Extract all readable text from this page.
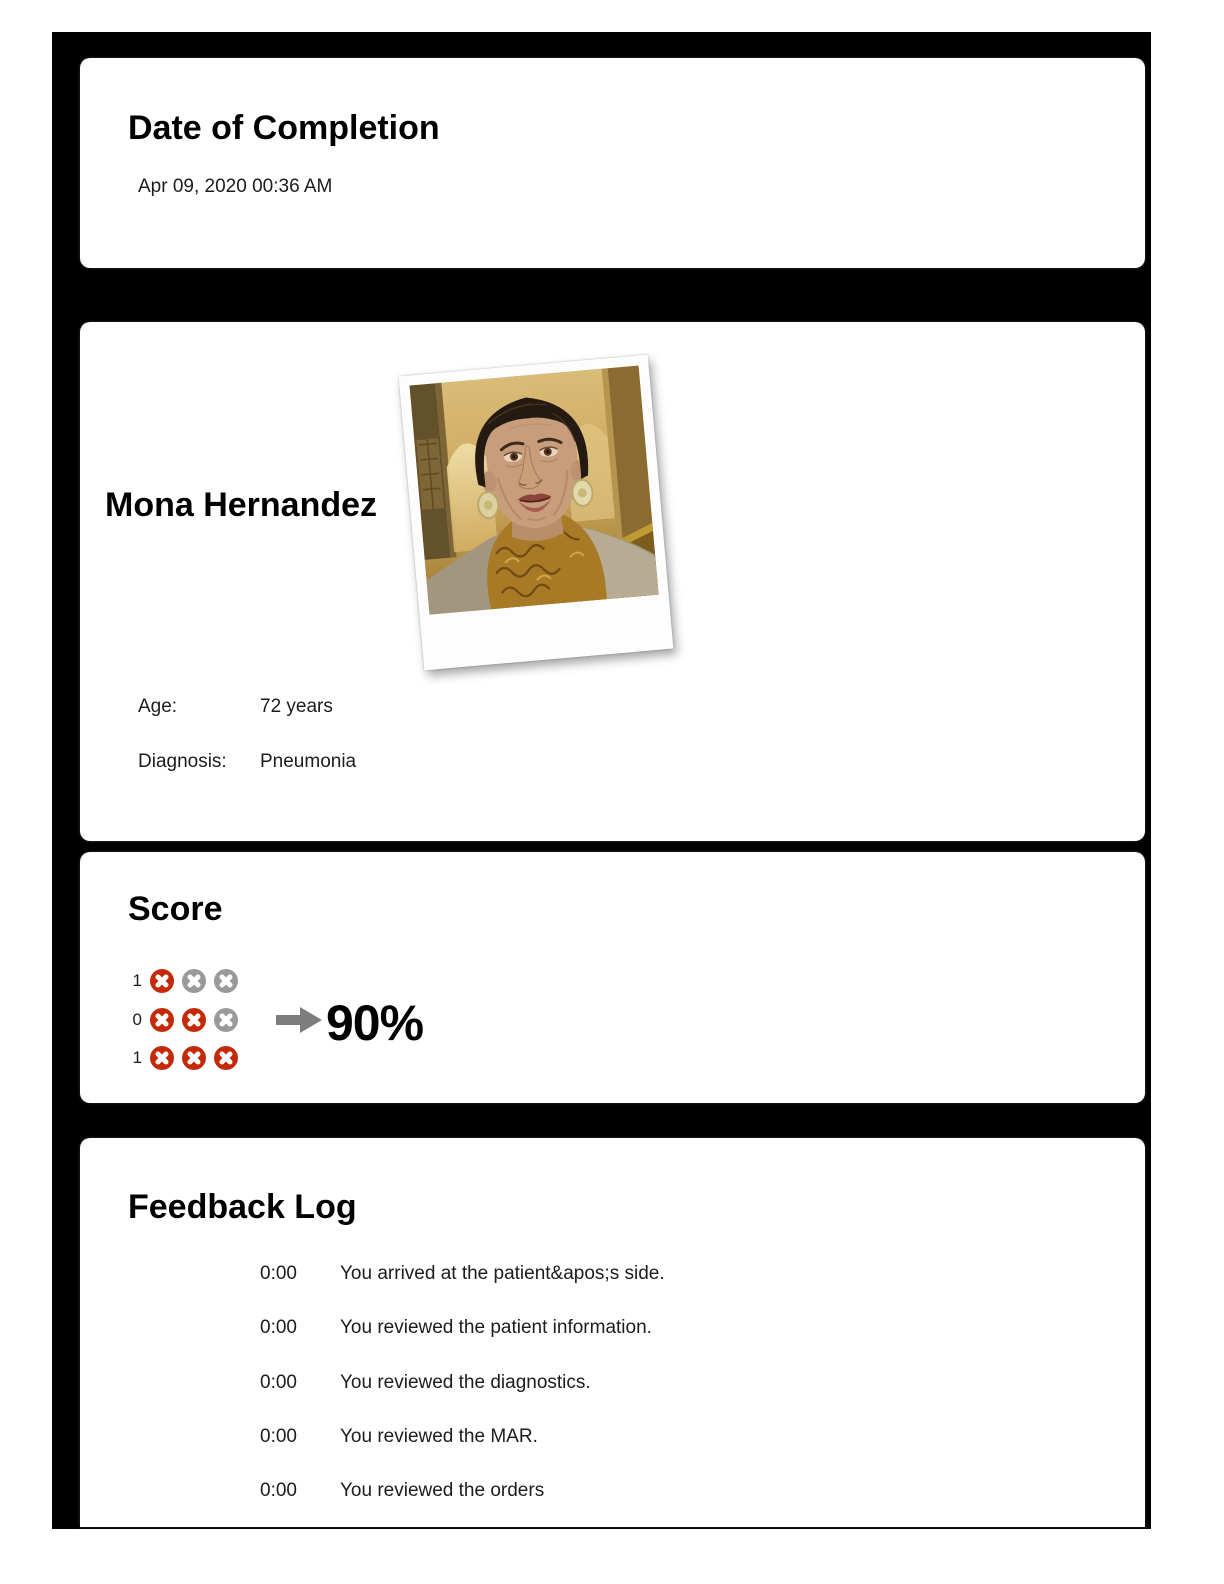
Date of Completion

Apr 09, 2020 00:36 AM

Mona Hernandez
Age:	72 years
Diagnosis: Pneumonia
Score
1
0
1
90%
Feedback Log
0:00 You arrived at the patient&apos;s side.
0:00 You reviewed the patient information.
0:00 You reviewed the diagnostics.
0:00 You reviewed the MAR.
0:00 You reviewed the orders
